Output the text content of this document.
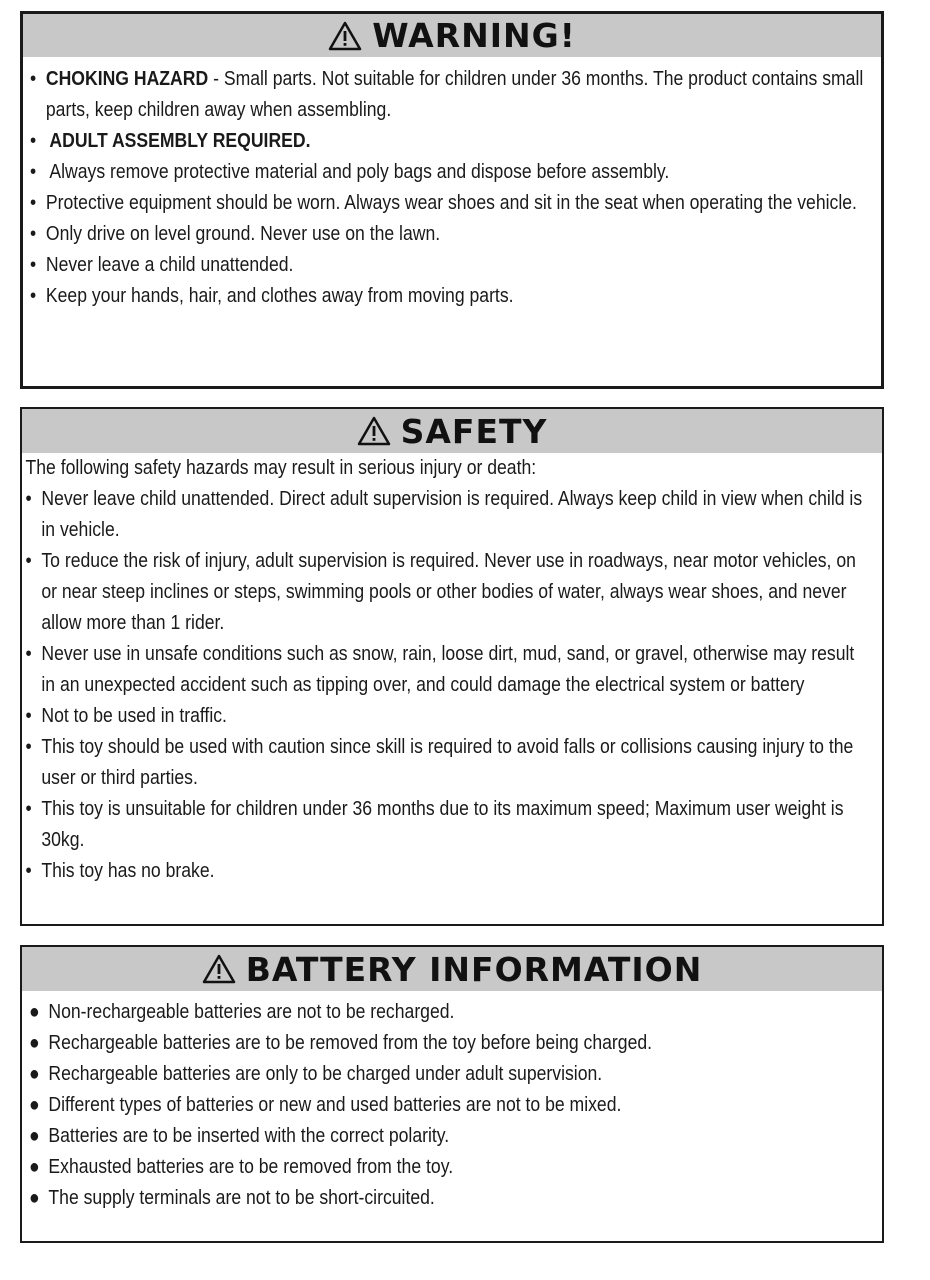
WARNING!
• CHOKING HAZARD - Small parts. Not suitable for children under 36 months. The product contains small parts, keep children away when assembling.
• ADULT ASSEMBLY REQUIRED.
• Always remove protective material and poly bags and dispose before assembly.
• Protective equipment should be worn. Always wear shoes and sit in the seat when operating the vehicle.
• Only drive on level ground. Never use on the lawn.
• Never leave a child unattended.
• Keep your hands, hair, and clothes away from moving parts.
SAFETY
The following safety hazards may result in serious injury or death:
• Never leave child unattended. Direct adult supervision is required. Always keep child in view when child is in vehicle.
• To reduce the risk of injury, adult supervision is required. Never use in roadways, near motor vehicles, on or near steep inclines or steps, swimming pools or other bodies of water, always wear shoes, and never allow more than 1 rider.
• Never use in unsafe conditions such as snow, rain, loose dirt, mud, sand, or gravel, otherwise may result in an unexpected accident such as tipping over, and could damage the electrical system or battery
• Not to be used in traffic.
• This toy should be used with caution since skill is required to avoid falls or collisions causing injury to the user or third parties.
• This toy is unsuitable for children under 36 months due to its maximum speed; Maximum user weight is 30kg.
• This toy has no brake.
BATTERY INFORMATION
● Non-rechargeable batteries are not to be recharged.
● Rechargeable batteries are to be removed from the toy before being charged.
● Rechargeable batteries are only to be charged under adult supervision.
● Different types of batteries or new and used batteries are not to be mixed.
● Batteries are to be inserted with the correct polarity.
● Exhausted batteries are to be removed from the toy.
● The supply terminals are not to be short-circuited.
